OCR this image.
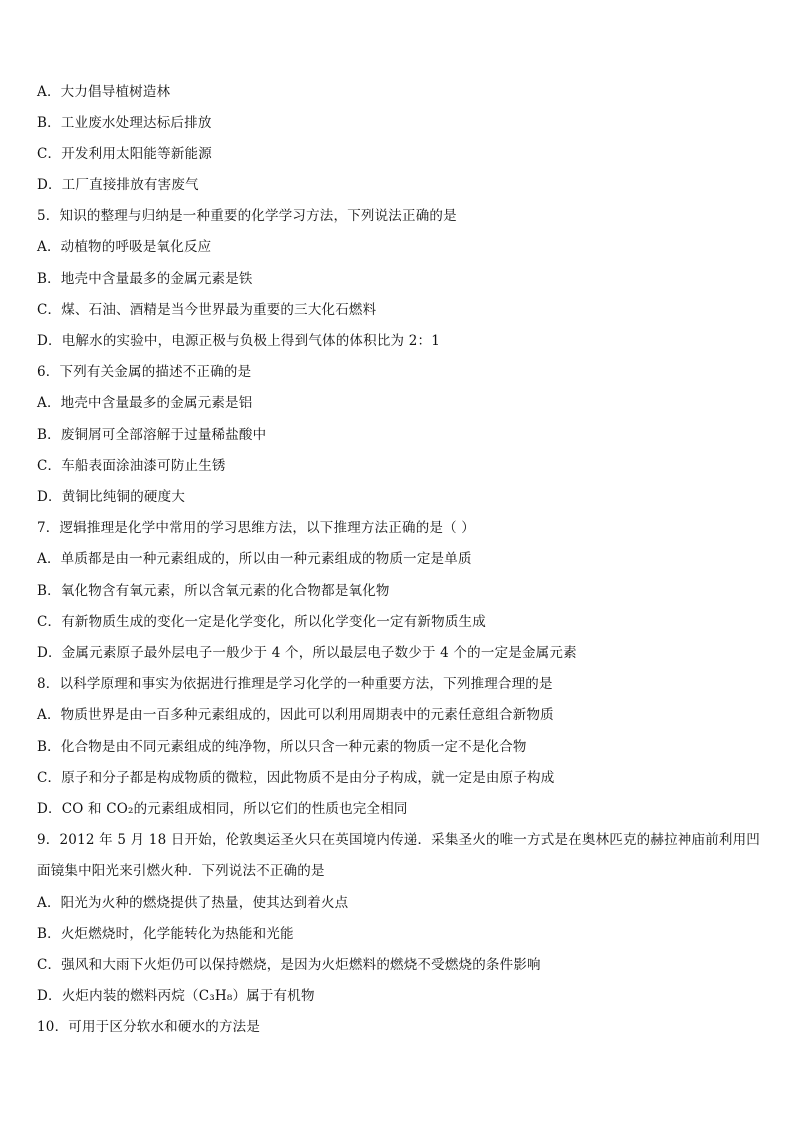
A．大力倡导植树造林
B．工业废水处理达标后排放
C．开发利用太阳能等新能源
D．工厂直接排放有害废气
5．知识的整理与归纳是一种重要的化学学习方法，下列说法正确的是
A．动植物的呼吸是氧化反应
B．地壳中含量最多的金属元素是铁
C．煤、石油、酒精是当今世界最为重要的三大化石燃料
D．电解水的实验中，电源正极与负极上得到气体的体积比为 2：1
6．下列有关金属的描述不正确的是
A．地壳中含量最多的金属元素是铝
B．废铜屑可全部溶解于过量稀盐酸中
C．车船表面涂油漆可防止生锈
D．黄铜比纯铜的硬度大
7．逻辑推理是化学中常用的学习思维方法，以下推理方法正确的是（ ）
A．单质都是由一种元素组成的，所以由一种元素组成的物质一定是单质
B．氧化物含有氧元素，所以含氧元素的化合物都是氧化物
C．有新物质生成的变化一定是化学变化，所以化学变化一定有新物质生成
D．金属元素原子最外层电子一般少于 4 个，所以最层电子数少于 4 个的一定是金属元素
8．以科学原理和事实为依据进行推理是学习化学的一种重要方法，下列推理合理的是
A．物质世界是由一百多种元素组成的，因此可以利用周期表中的元素任意组合新物质
B．化合物是由不同元素组成的纯净物，所以只含一种元素的物质一定不是化合物
C．原子和分子都是构成物质的微粒，因此物质不是由分子构成，就一定是由原子构成
D．CO 和 CO₂的元素组成相同，所以它们的性质也完全相同
9．2012 年 5 月 18 日开始，伦敦奥运圣火只在英国境内传递．采集圣火的唯一方式是在奥林匹克的赫拉神庙前利用凹
面镜集中阳光来引燃火种．下列说法不正确的是
A．阳光为火种的燃烧提供了热量，使其达到着火点
B．火炬燃烧时，化学能转化为热能和光能
C．强风和大雨下火炬仍可以保持燃烧，是因为火炬燃料的燃烧不受燃烧的条件影响
D．火炬内装的燃料丙烷（C₃H₈）属于有机物
10．可用于区分软水和硬水的方法是
